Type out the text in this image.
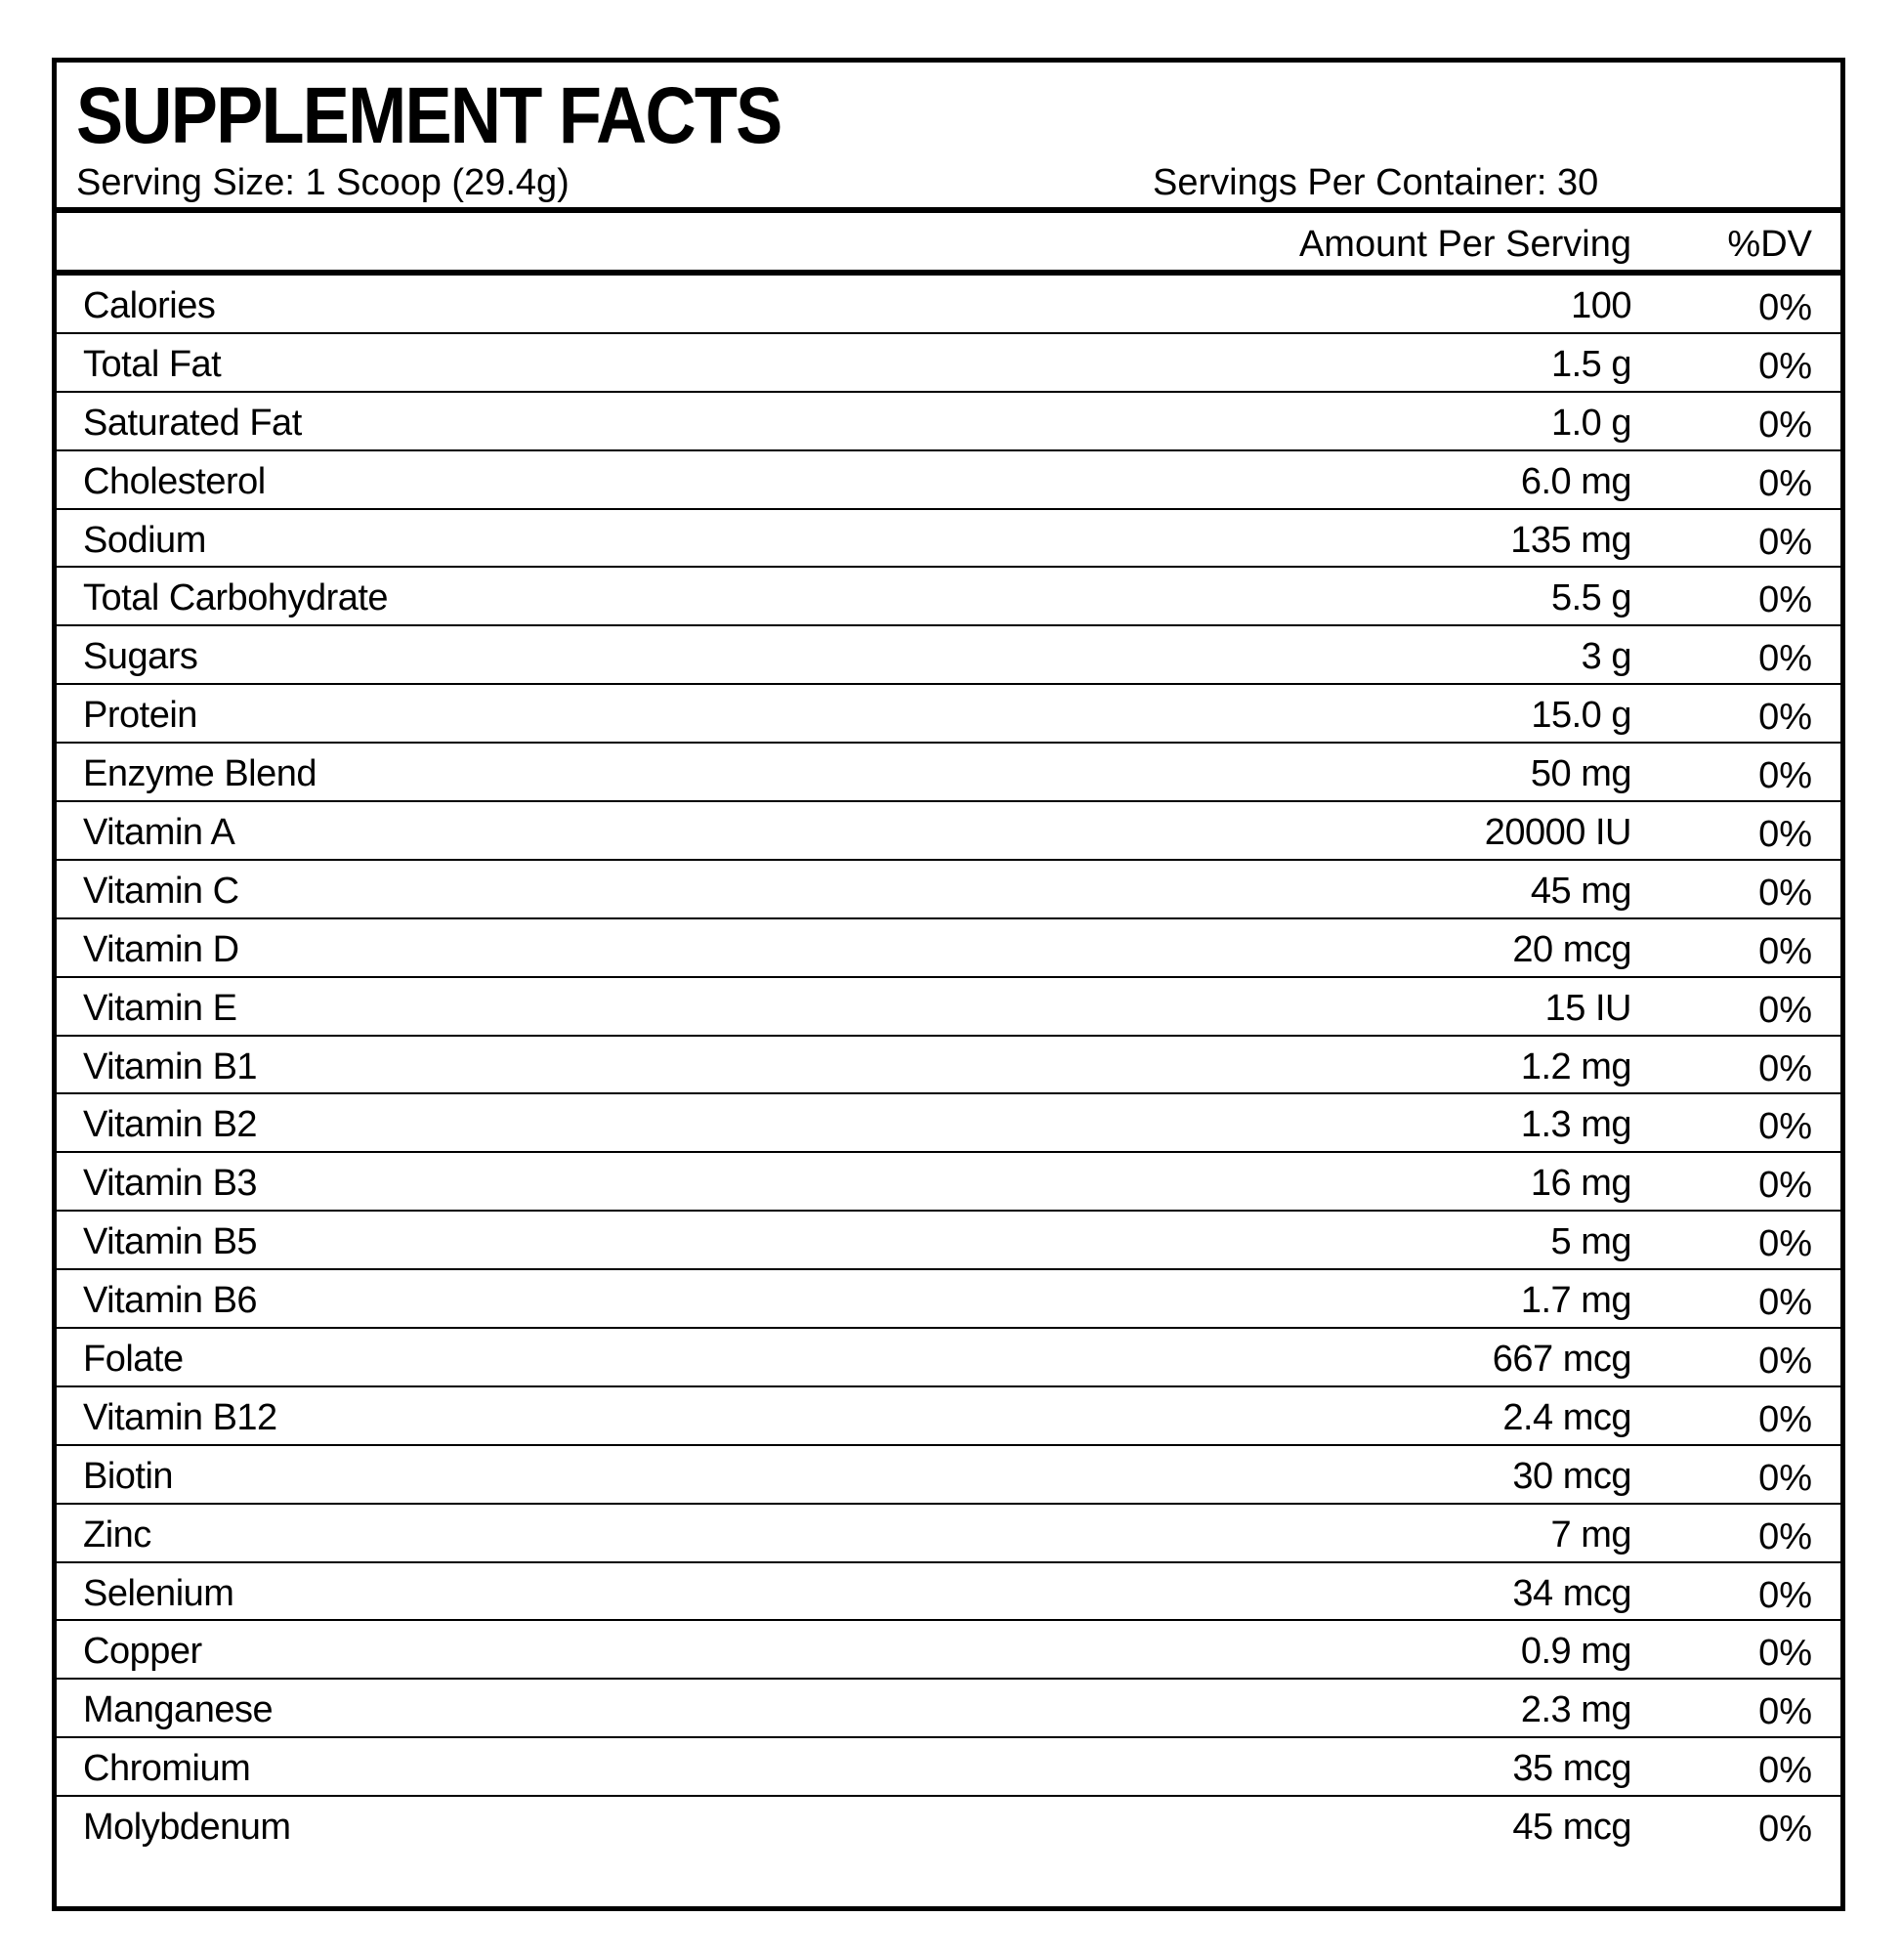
SUPPLEMENT FACTS
Serving Size: 1 Scoop (29.4g)	Servings Per Container: 30
Amount Per Serving	%DV
Calories	100	0%
Total Fat	1.5 g	0%
Saturated Fat	1.0 g	0%
Cholesterol	6.0 mg	0%
Sodium	135 mg	0%
Total Carbohydrate	5.5 g	0%
Sugars	3 g	0%
Protein	15.0 g	0%
Enzyme Blend	50 mg	0%
Vitamin A	20000 IU	0%
Vitamin C	45 mg	0%
Vitamin D	20 mcg	0%
Vitamin E	15 IU	0%
Vitamin B1	1.2 mg	0%
Vitamin B2	1.3 mg	0%
Vitamin B3	16 mg	0%
Vitamin B5	5 mg	0%
Vitamin B6	1.7 mg	0%
Folate	667 mcg	0%
Vitamin B12	2.4 mcg	0%
Biotin	30 mcg	0%
Zinc	7 mg	0%
Selenium	34 mcg	0%
Copper	0.9 mg	0%
Manganese	2.3 mg	0%
Chromium	35 mcg	0%
Molybdenum	45 mcg	0%
